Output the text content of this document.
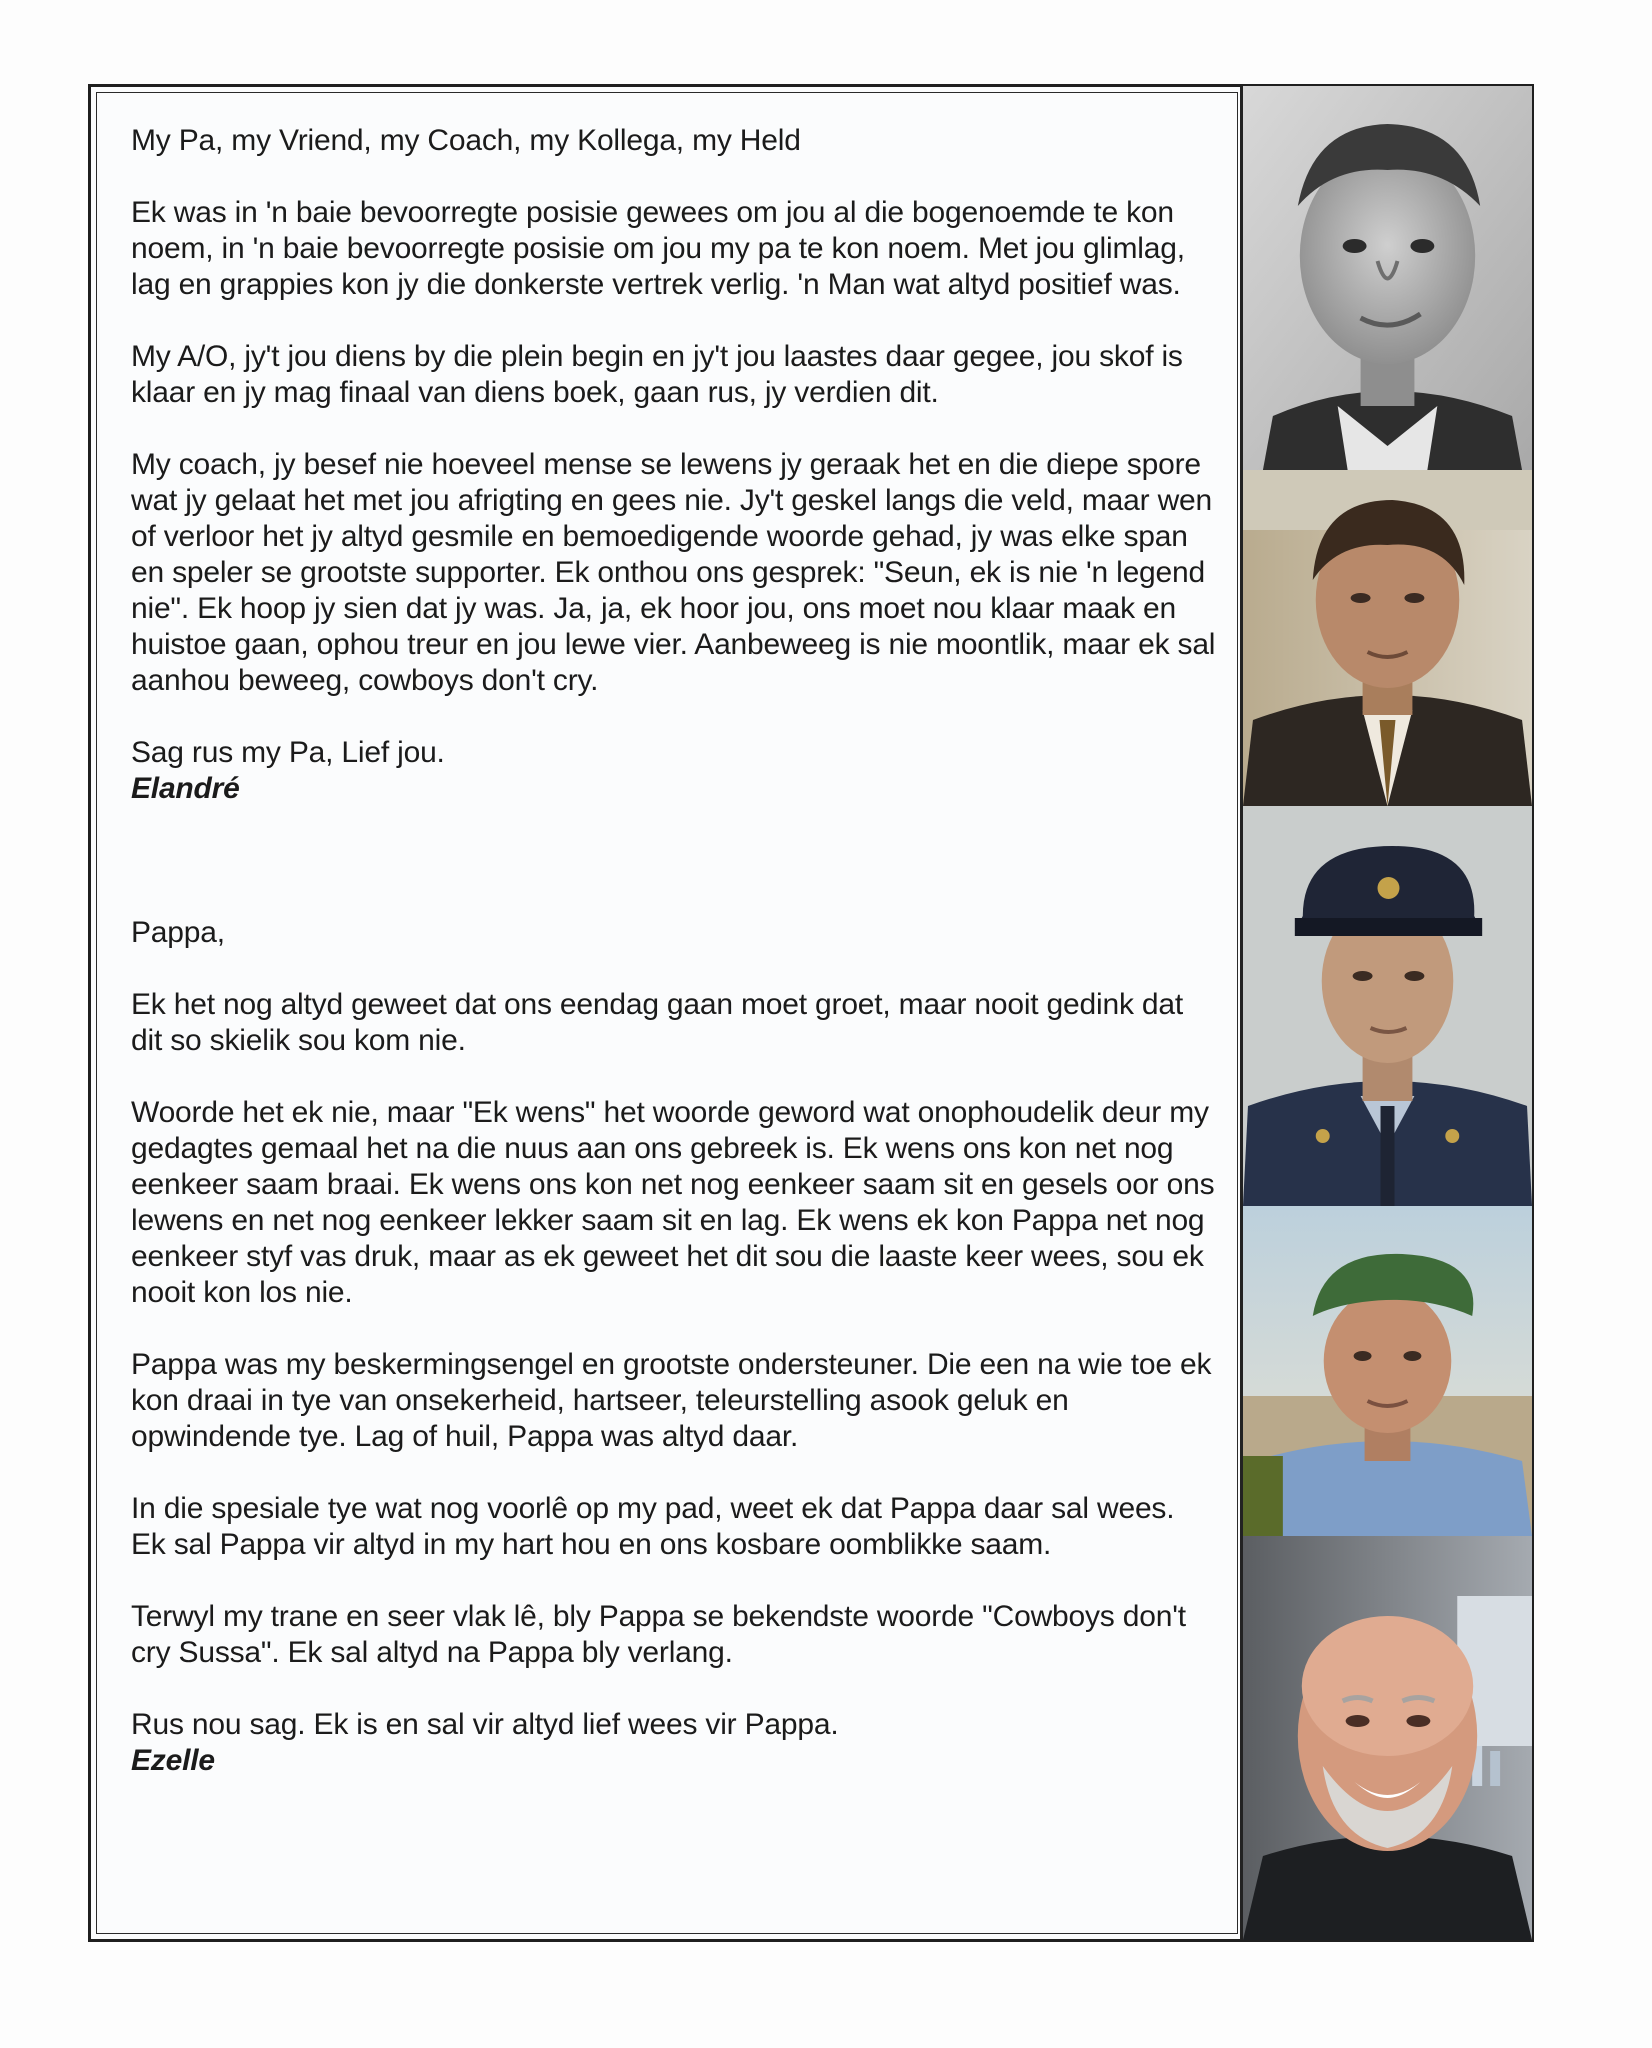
My Pa, my Vriend, my Coach, my Kollega, my Held

Ek was in 'n baie bevoorregte posisie gewees om jou al die bogenoemde te kon noem, in 'n baie bevoorregte posisie om jou my pa te kon noem. Met jou glimlag, lag en grappies kon jy die donkerste vertrek verlig. 'n Man wat altyd positief was.

My A/O, jy't jou diens by die plein begin en jy't jou laastes daar gegee, jou skof is klaar en jy mag finaal van diens boek, gaan rus, jy verdien dit.

My coach, jy besef nie hoeveel mense se lewens jy geraak het en die diepe spore wat jy gelaat het met jou afrigting en gees nie. Jy't geskel langs die veld, maar wen of verloor het jy altyd gesmile en bemoedigende woorde gehad, jy was elke span en speler se grootste supporter. Ek onthou ons gesprek: "Seun, ek is nie 'n legend nie". Ek hoop jy sien dat jy was. Ja, ja, ek hoor jou, ons moet nou klaar maak en huistoe gaan, ophou treur en jou lewe vier. Aanbeweeg is nie moontlik, maar ek sal aanhou beweeg, cowboys don't cry.

Sag rus my Pa, Lief jou.

Elandré

Pappa,

Ek het nog altyd geweet dat ons eendag gaan moet groet, maar nooit gedink dat dit so skielik sou kom nie.

Woorde het ek nie, maar "Ek wens" het woorde geword wat onophoudelik deur my gedagtes gemaal het na die nuus aan ons gebreek is. Ek wens ons kon net nog eenkeer saam braai. Ek wens ons kon net nog eenkeer saam sit en gesels oor ons lewens en net nog eenkeer lekker saam sit en lag. Ek wens ek kon Pappa net nog eenkeer styf vas druk, maar as ek geweet het dit sou die laaste keer wees, sou ek nooit kon los nie.

Pappa was my beskermingsengel en grootste ondersteuner. Die een na wie toe ek kon draai in tye van onsekerheid, hartseer, teleurstelling asook geluk en opwindende tye. Lag of huil, Pappa was altyd daar.

In die spesiale tye wat nog voorlê op my pad, weet ek dat Pappa daar sal wees. Ek sal Pappa vir altyd in my hart hou en ons kosbare oomblikke saam.

Terwyl my trane en seer vlak lê, bly Pappa se bekendste woorde "Cowboys don't cry Sussa". Ek sal altyd na Pappa bly verlang.

Rus nou sag. Ek is en sal vir altyd lief wees vir Pappa.

Ezelle
